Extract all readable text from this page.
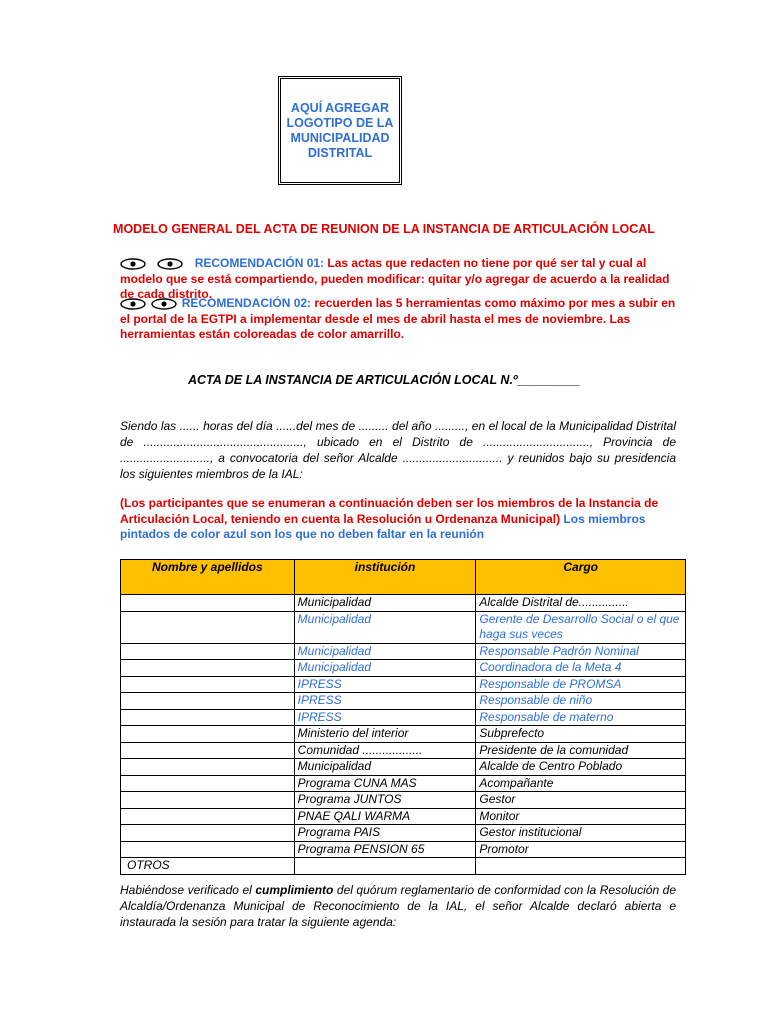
AQUÍ AGREGAR LOGOTIPO DE LA MUNICIPALIDAD DISTRITAL
MODELO GENERAL DEL ACTA DE REUNION DE LA INSTANCIA DE ARTICULACIÓN LOCAL
RECOMENDACIÓN 01: Las actas que redacten no tiene por qué ser tal y cual al modelo que se está compartiendo, pueden modificar: quitar y/o agregar de acuerdo a la realidad de cada distrito.
RECOMENDACIÓN 02: recuerden las 5 herramientas como máximo por mes a subir en el portal de la EGTPI a implementar desde el mes de abril hasta el mes de noviembre. Las herramientas están coloreadas de color amarrillo.
ACTA DE LA INSTANCIA DE ARTICULACIÓN LOCAL N.º_________
Siendo las ...... horas del día ......del mes de ......... del año ........., en el local de la Municipalidad Distrital de ................................................, ubicado en el Distrito de ................................, Provincia de ..........................., a convocatoria del señor Alcalde .............................. y reunidos bajo su presidencia los siguientes miembros de la IAL:
(Los participantes que se enumeran a continuación deben ser los miembros de la Instancia de Articulación Local, teniendo en cuenta la Resolución u Ordenanza Municipal) Los miembros pintados de color azul son los que no deben faltar en la reunión
Nombre y apellidos	institución	Cargo
	Municipalidad	Alcalde Distrital de...............
	Municipalidad	Gerente de Desarrollo Social o el que haga sus veces
	Municipalidad	Responsable Padrón Nominal
	Municipalidad	Coordinadora de la Meta 4
	IPRESS	Responsable de PROMSA
	IPRESS	Responsable de niño
	IPRESS	Responsable de materno
	Ministerio del interior	Subprefecto
	Comunidad ..................	Presidente de la comunidad
	Municipalidad	Alcalde de Centro Poblado
	Programa CUNA MAS	Acompañante
	Programa JUNTOS	Gestor
	PNAE QALI WARMA	Monitor
	Programa PAIS	Gestor institucional
	Programa PENSION 65	Promotor
OTROS		
Habiéndose verificado el cumplimiento del quórum reglamentario de conformidad con la Resolución de Alcaldía/Ordenanza Municipal de Reconocimiento de la IAL, el señor Alcalde declaró abierta e instaurada la sesión para tratar la siguiente agenda:
